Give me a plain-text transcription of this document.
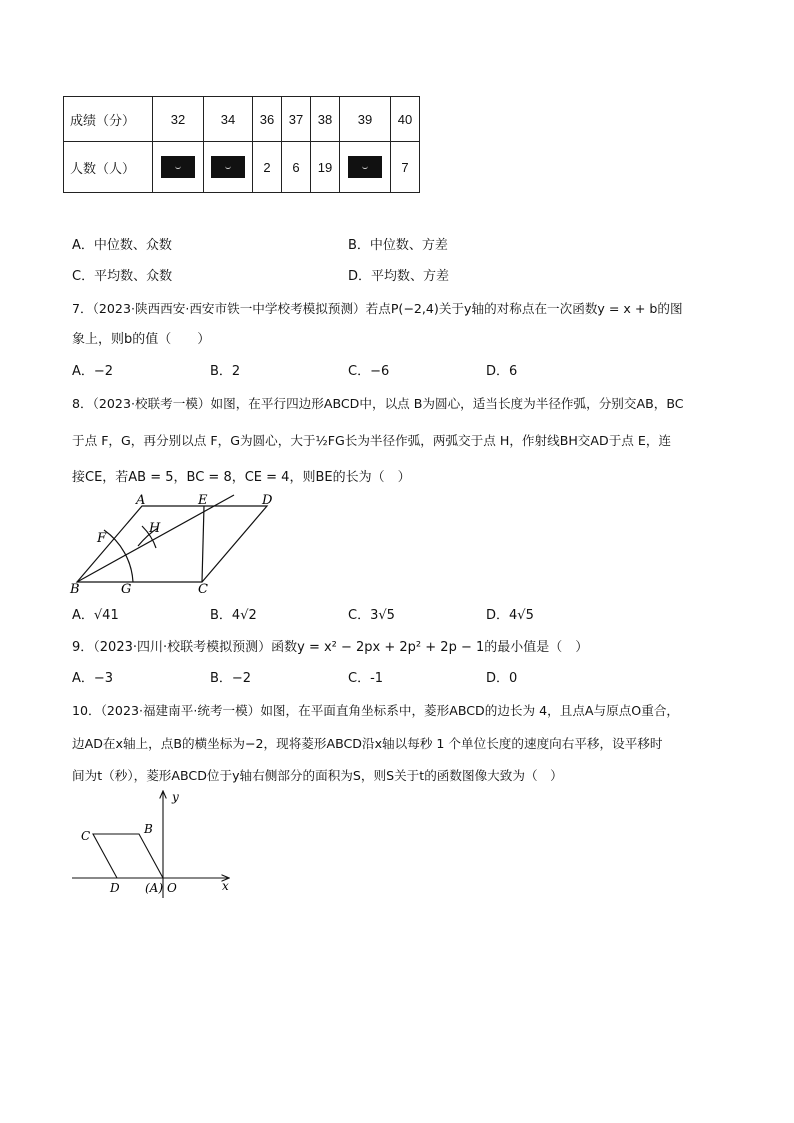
成绩（分）	32	34	36	37	38	39	40
人数（人）			2	6	19		7
A．中位数、众数	B．中位数、方差
C．平均数、众数	D．平均数、方差
7．（2023·陕西西安·西安市铁一中学校考模拟预测）若点P(−2,4)关于y轴的对称点在一次函数y = x + b的图
象上，则b的值（　　）
A．−2	B．2	C．−6	D．6
8．（2023·校联考一模）如图，在平行四边形ABCD中，以点 B为圆心，适当长度为半径作弧，分别交AB，BC
于点 F，G，再分别以点 F，G为圆心，大于½FG长为半径作弧，两弧交于点 H，作射线BH交AD于点 E，连
接CE，若AB = 5，BC = 8，CE = 4，则BE的长为（　）
A	E	D
H
F
B	G	C
A．√41	B．4√2	C．3√5	D．4√5
9．（2023·四川·校联考模拟预测）函数y = x² − 2px + 2p² + 2p − 1的最小值是（　）
A．−3	B．−2	C．-1	D．0
10．（2023·福建南平·统考一模）如图，在平面直角坐标系中，菱形ABCD的边长为 4，且点A与原点O重合，
边AD在x轴上，点B的横坐标为−2，现将菱形ABCD沿x轴以每秒 1 个单位长度的速度向右平移，设平移时
间为t（秒），菱形ABCD位于y轴右侧部分的面积为S，则S关于t的函数图像大致为（　）
y
C	B
D (A) O	x
